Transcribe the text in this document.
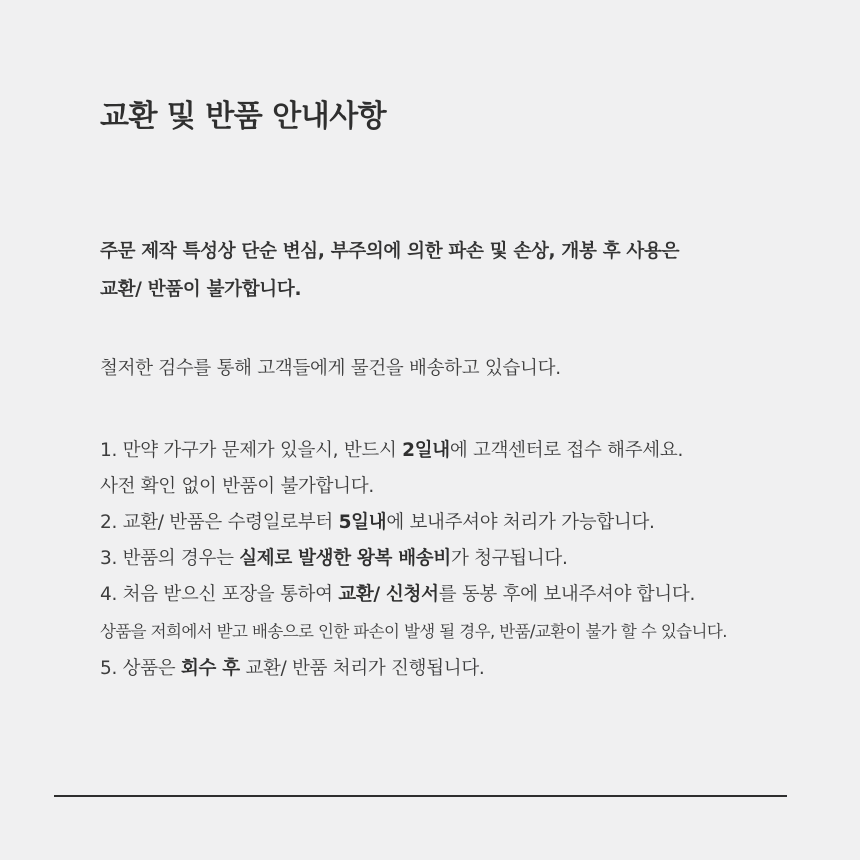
교환 및 반품 안내사항
주문 제작 특성상 단순 변심, 부주의에 의한 파손 및 손상, 개봉 후 사용은
교환/ 반품이 불가합니다.
철저한 검수를 통해 고객들에게 물건을 배송하고 있습니다.
1. 만약 가구가 문제가 있을시, 반드시 2일내에 고객센터로 접수 해주세요.
사전 확인 없이 반품이 불가합니다.
2. 교환/ 반품은 수령일로부터 5일내에 보내주셔야 처리가 가능합니다.
3. 반품의 경우는 실제로 발생한 왕복 배송비가 청구됩니다.
4. 처음 받으신 포장을 통하여 교환/ 신청서를 동봉 후에 보내주셔야 합니다.
상품을 저희에서 받고 배송으로 인한 파손이 발생 될 경우, 반품/교환이 불가 할 수 있습니다.
5. 상품은 회수 후 교환/ 반품 처리가 진행됩니다.
